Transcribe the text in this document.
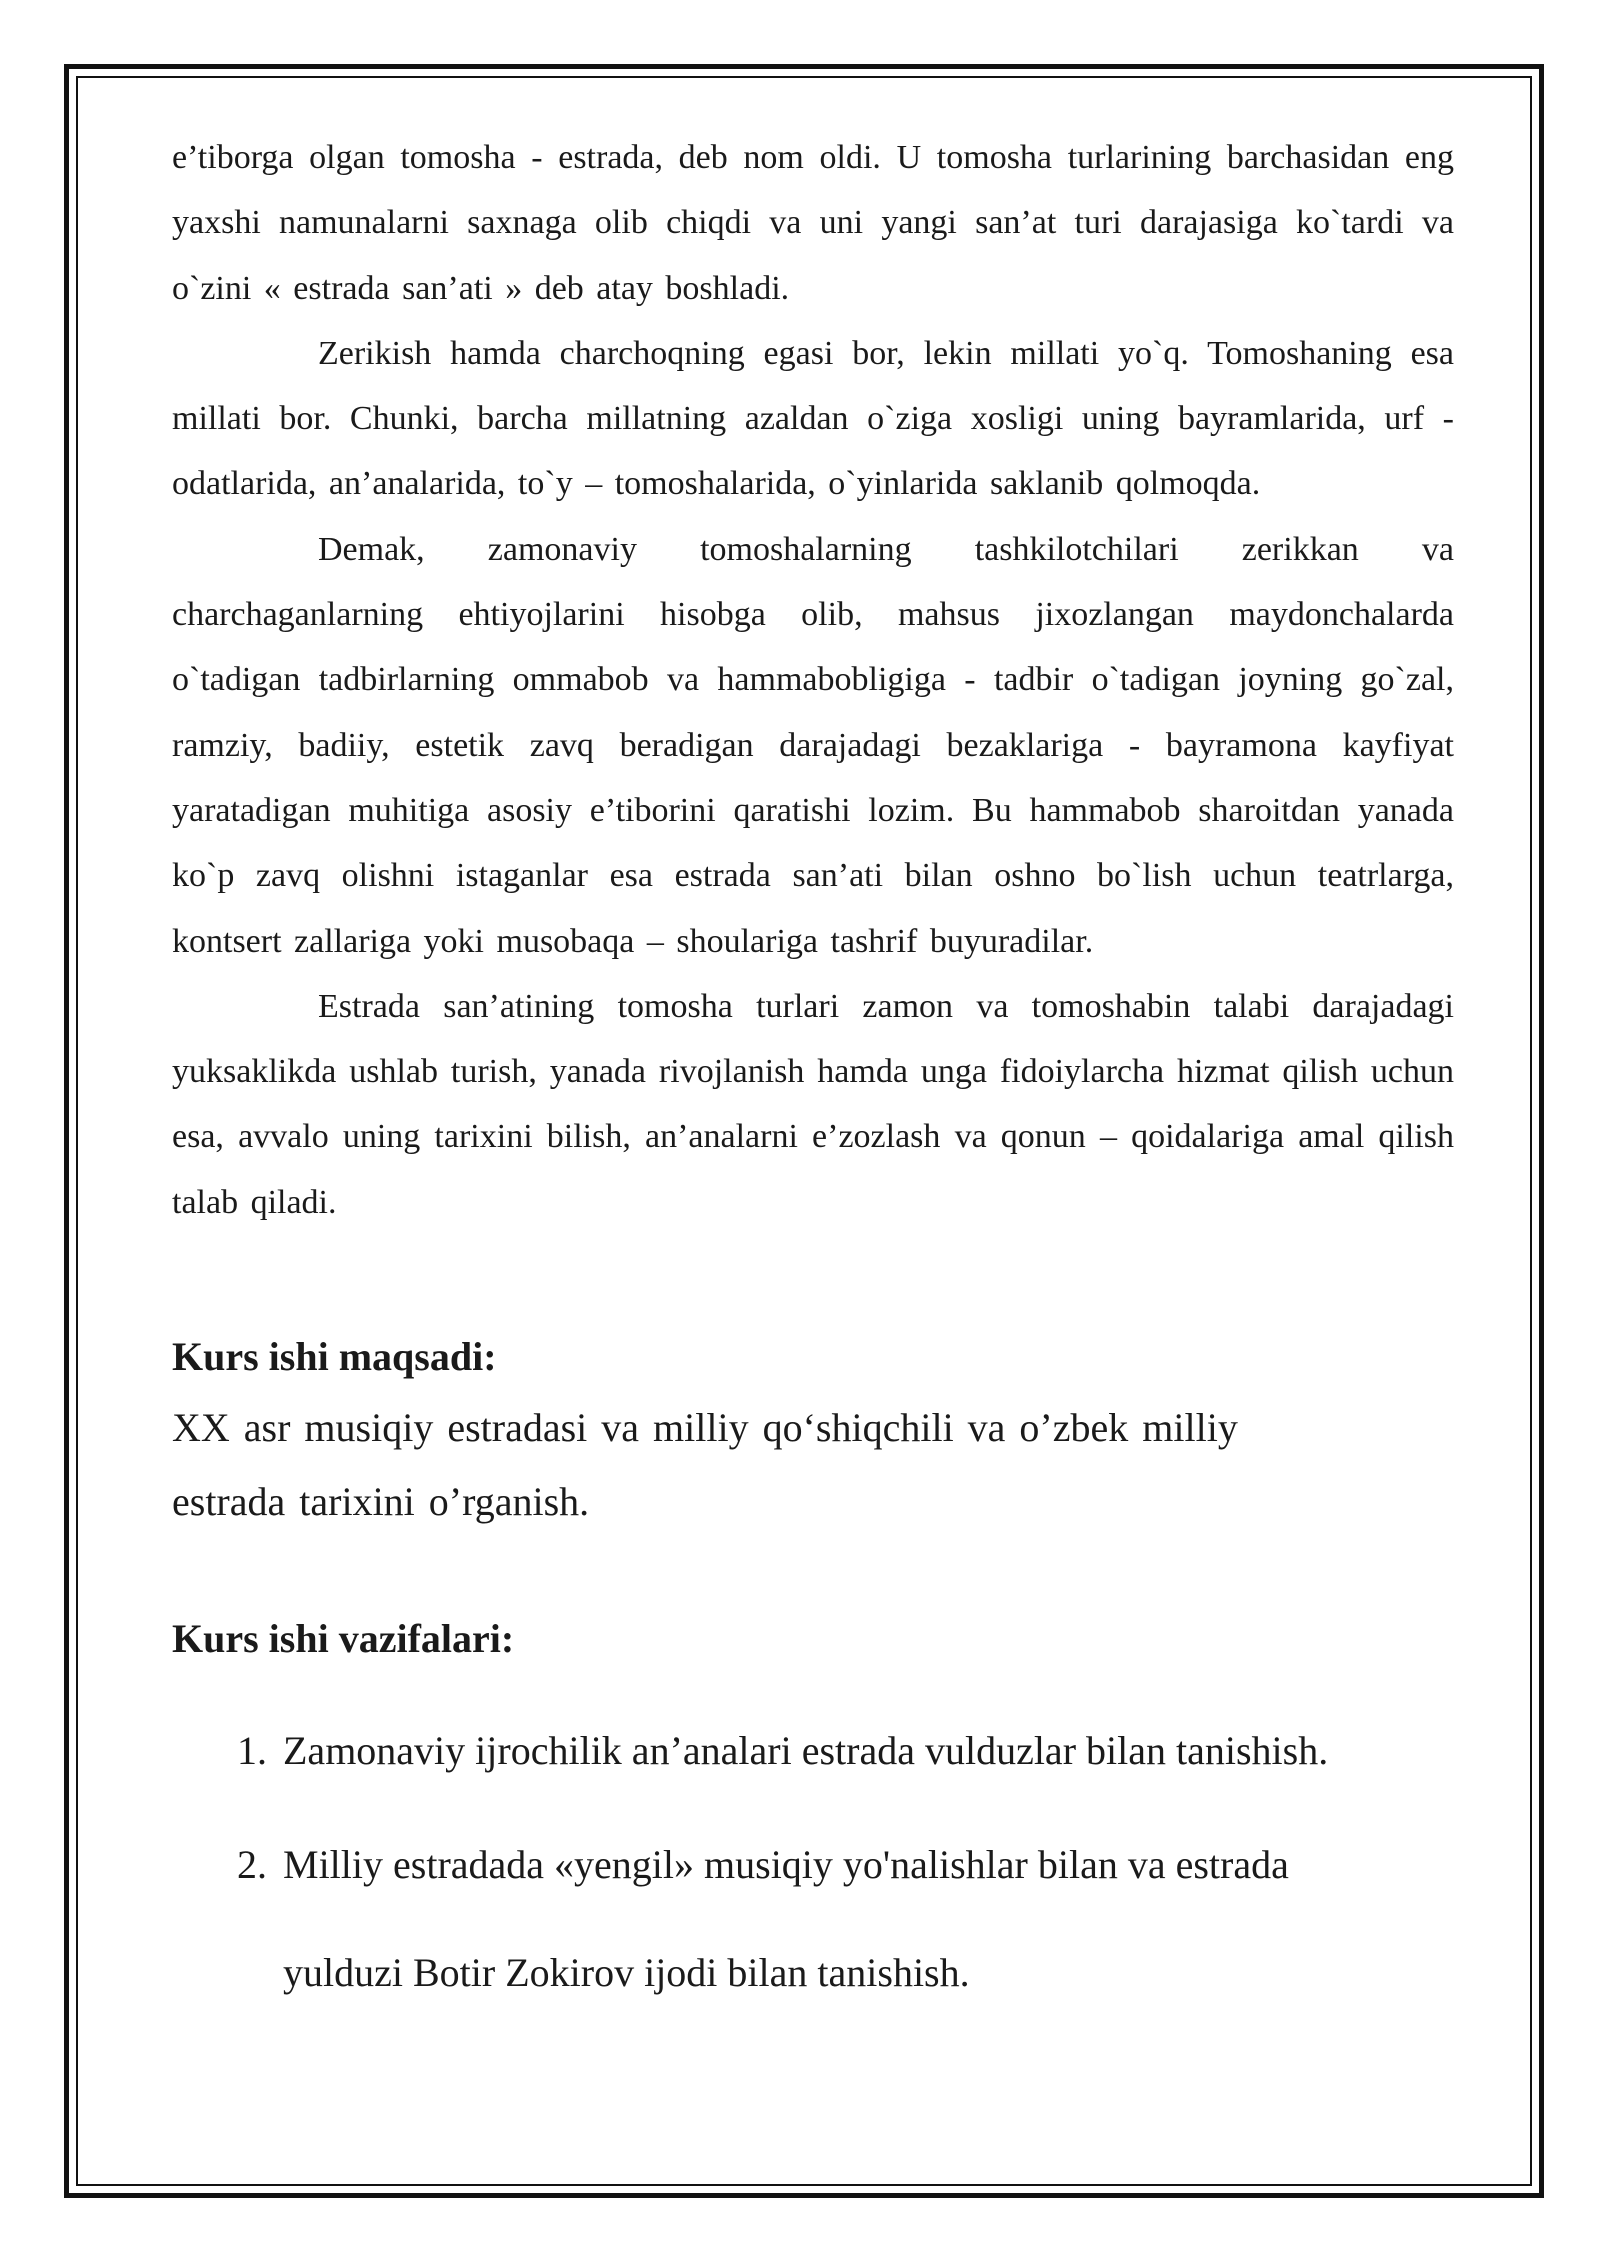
e’tiborga olgan tomosha - estrada, deb nom oldi. U tomosha turlarining barchasidan eng yaxshi namunalarni saxnaga olib chiqdi va uni yangi san’at turi darajasiga ko`tardi va o`zini « estrada san’ati » deb atay boshladi.

Zerikish hamda charchoqning egasi bor, lekin millati yo`q. Tomoshaning esa millati bor. Chunki, barcha millatning azaldan o`ziga xosligi uning bayramlarida, urf - odatlarida, an’analarida, to`y – tomoshalarida, o`yinlarida saklanib qolmoqda.

Demak, zamonaviy tomoshalarning tashkilotchilari zerikkan va charchaganlarning ehtiyojlarini hisobga olib, mahsus jixozlangan maydonchalarda o`tadigan tadbirlarning ommabob va hammabobligiga - tadbir o`tadigan joyning go`zal, ramziy, badiiy, estetik zavq beradigan darajadagi bezaklariga - bayramona kayfiyat yaratadigan muhitiga asosiy e’tiborini qaratishi lozim. Bu hammabob sharoitdan yanada ko`p zavq olishni istaganlar esa estrada san’ati bilan oshno bo`lish uchun teatrlarga, kontsert zallariga yoki musobaqa – shoulariga tashrif buyuradilar.

Estrada san’atining tomosha turlari zamon va tomoshabin talabi darajadagi yuksaklikda ushlab turish, yanada rivojlanish hamda unga fidoiylarcha hizmat qilish uchun esa, avvalo uning tarixini bilish, an’analarni e’zozlash va qonun – qoidalariga amal qilish talab qiladi.

Kurs ishi maqsadi:
XX asr musiqiy estradasi va milliy qo‘shiqchili va o’zbek milliy
estrada tarixini o’rganish.
Kurs ishi vazifalari:
1. Zamonaviy ijrochilik an’analari estrada vulduzlar bilan tanishish.
2. Milliy estradada «yengil» musiqiy yo'nalishlar bilan va estrada
yulduzi Botir Zokirov ijodi bilan tanishish.
